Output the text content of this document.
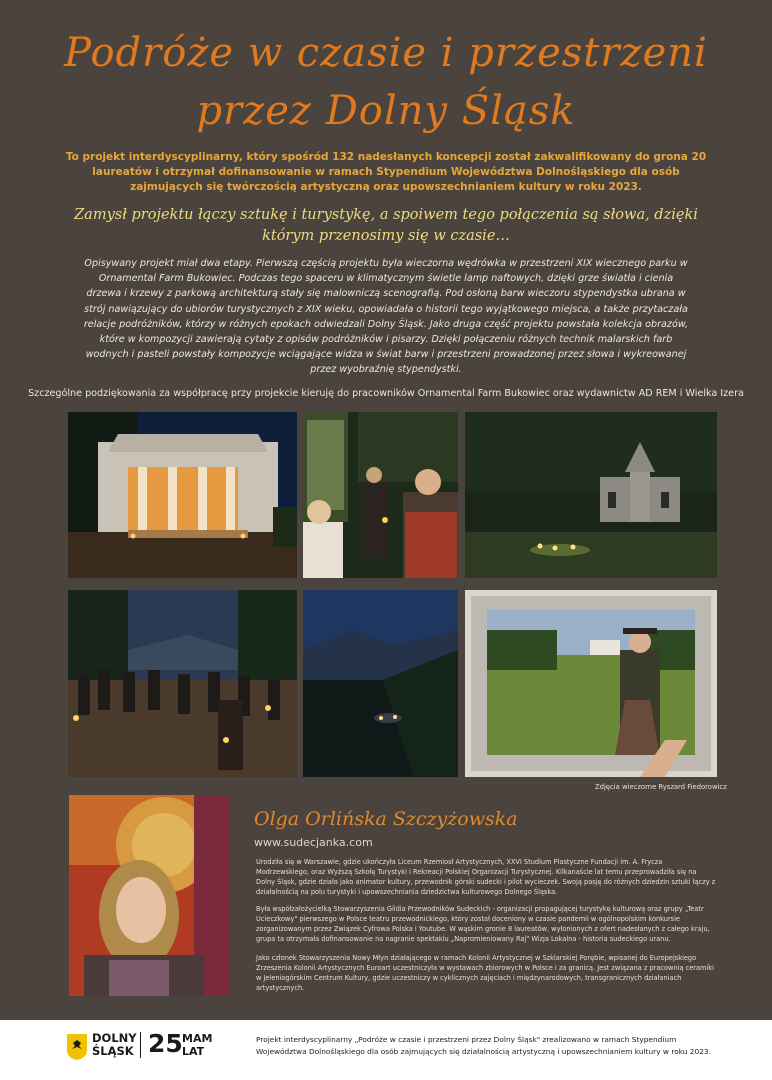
Podróże w czasie i przestrzeni
przez Dolny Śląsk
To projekt interdyscyplinarny, który spośród 132 nadesłanych koncepcji został zakwalifikowany do grona 20 laureatów i otrzymał dofinansowanie w ramach Stypendium Województwa Dolnośląskiego dla osób zajmujących się twórczością artystyczną oraz upowszechnianiem kultury w roku 2023.
Zamysł projektu łączy sztukę i turystykę, a spoiwem tego połączenia są słowa, dzięki którym przenosimy się w czasie…
Opisywany projekt miał dwa etapy. Pierwszą częścią projektu była wieczorna wędrówka w przestrzeni XIX wiecznego parku w Ornamental Farm Bukowiec. Podczas tego spaceru w klimatycznym świetle lamp naftowych, dzięki grze światła i cienia drzewa i krzewy z parkową architekturą stały się malowniczą scenografią. Pod osłoną barw wieczoru stypendystka ubrana w strój nawiązujący do ubiorów turystycznych z XIX wieku, opowiadała o historii tego wyjątkowego miejsca, a także przytaczała relacje podróżników, którzy w różnych epokach odwiedzali Dolny Śląsk. Jako druga część projektu powstała kolekcja obrazów, które w kompozycji zawierają cytaty z opisów podróżników i pisarzy. Dzięki połączeniu różnych technik malarskich farb wodnych i pasteli powstały kompozycje wciągające widza w świat barw i przestrzeni prowadzonej przez słowa i wykreowanej przez wyobraźnię stypendystki.
Szczególne podziękowania za współpracę przy projekcie kieruję do pracowników Ornamental Farm Bukowiec oraz wydawnictw AD REM i Wielka Izera
Zdjęcia wieczorne Ryszard Fiedorowicz
Olga Orlińska Szczyżowska
www.sudecjanka.com
Urodziła się w Warszawie, gdzie ukończyła Liceum Rzemiosł Artystycznych, XXVI Studium Plastyczne Fundacji im. A. Frycza Modrzewskiego, oraz Wyższą Szkołę Turystyki i Rekreacji Polskiej Organizacji Turystycznej. Kilkanaście lat temu przeprowadziła się na Dolny Śląsk, gdzie działa jako animator kultury, przewodnik górski sudecki i pilot wycieczek. Swoją pasję do różnych dziedzin sztuki łączy z działalnością na polu turystyki i upowszechniania dziedzictwa kulturowego Dolnego Śląska.
Była współzałożycielką Stowarzyszenia Gildia Przewodników Sudeckich - organizacji propagującej turystykę kulturową oraz grupy „Teatr Ucieczkowy" pierwszego w Polsce teatru przewodnickiego, który został doceniony w czasie pandemii w ogólnopolskim konkursie zorganizowanym przez Związek Cyfrowa Polska i Youtube. W wąskim gronie 8 laureatów, wyłonionych z ofert nadesłanych z całego kraju, grupa ta otrzymała dofinansowanie na nagranie spektaklu „Napromieniowany Raj" Wizja Lokalna - historia sudeckiego uranu.
Jako członek Stowarzyszenia Nowy Młyn działającego w ramach Kolonii Artystycznej w Szklarskiej Porębie, wpisanej do Europejskiego Zrzeszenia Kolonii Artystycznych Euroart uczestniczyła w wystawach zbiorowych w Polsce i za granicą. Jest związana z pracownią ceramiki w Jeleniogórskim Centrum Kultury, gdzie uczestniczy w cyklicznych zajęciach i międzynarodowych, transgranicznych działaniach artystycznych.
DOLNY
ŚLĄSK 25 MAM
LAT
Projekt interdyscyplinarny „Podróże w czasie i przestrzeni przez Dolny Śląsk" zrealizowano w ramach Stypendium Województwa Dolnośląskiego dla osób zajmujących się działalnością artystyczną i upowszechnianiem kultury w roku 2023.
